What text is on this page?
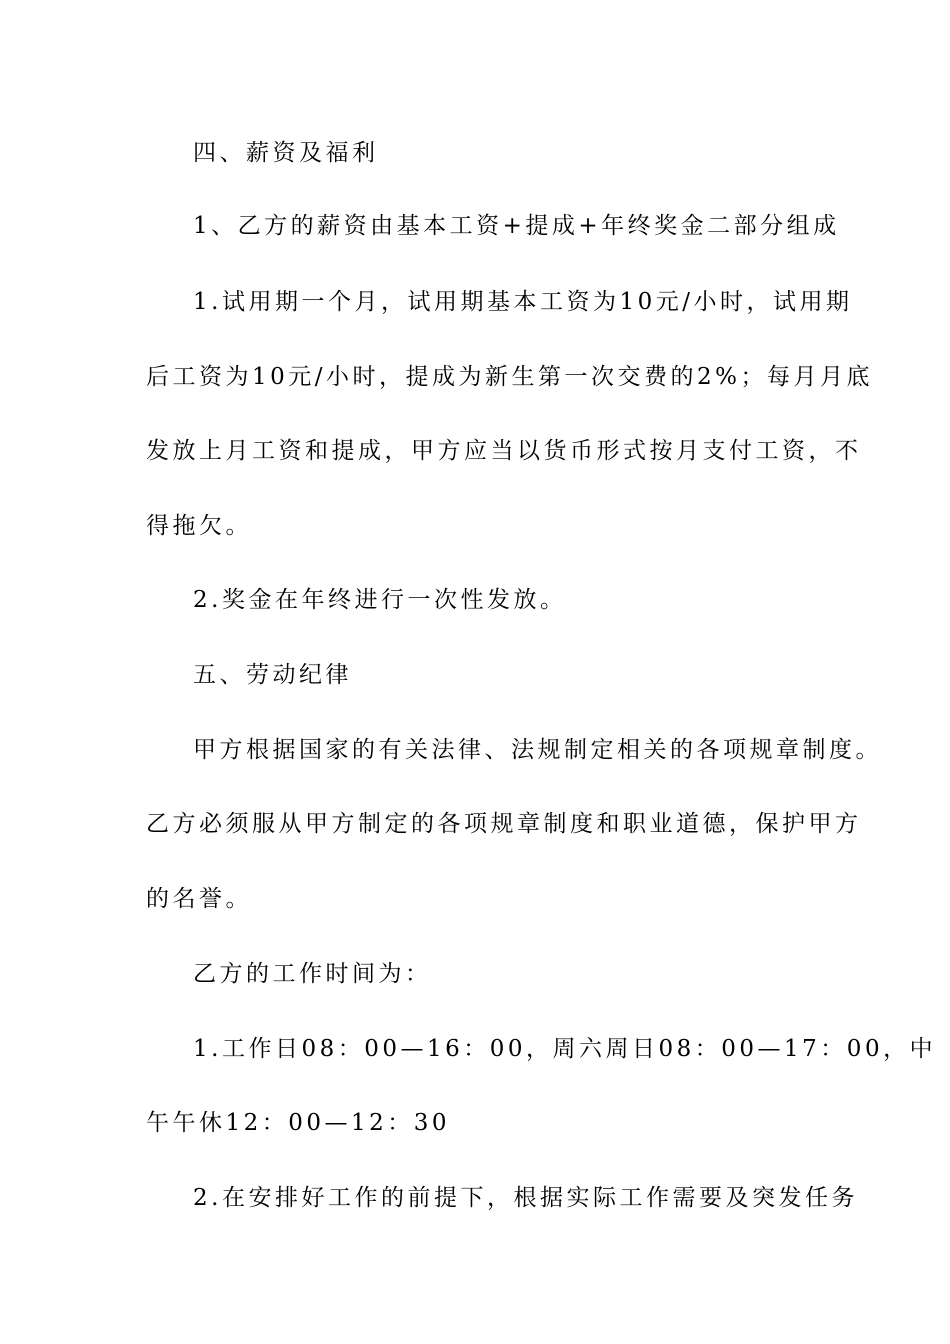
四、薪资及福利
1、乙方的薪资由基本工资+提成+年终奖金二部分组成
1.试用期一个月，试用期基本工资为10元/小时，试用期
后工资为10元/小时，提成为新生第一次交费的2%；每月月底
发放上月工资和提成，甲方应当以货币形式按月支付工资，不
得拖欠。
2.奖金在年终进行一次性发放。
五、劳动纪律
甲方根据国家的有关法律、法规制定相关的各项规章制度。
乙方必须服从甲方制定的各项规章制度和职业道德，保护甲方
的名誉。
乙方的工作时间为：
1.工作日08：00—16：00，周六周日08：00—17：00，中
午午休12：00—12：30
2.在安排好工作的前提下，根据实际工作需要及突发任务
